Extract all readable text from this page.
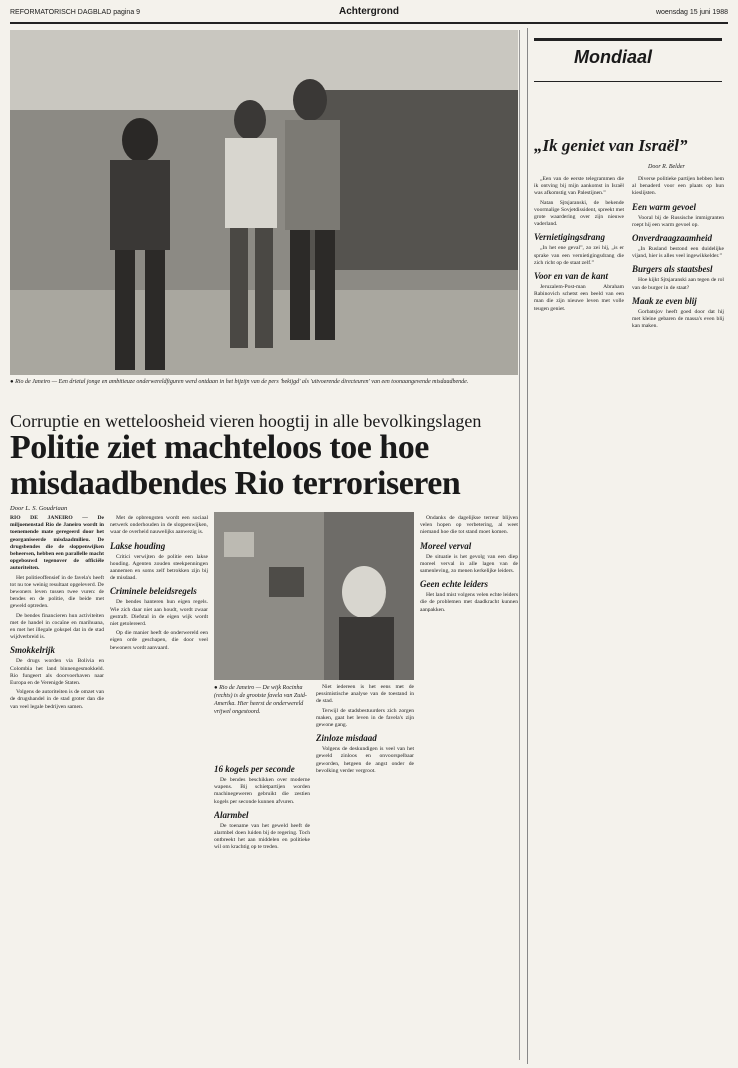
REFORMATORISCH DAGBLAD pagina 9	Achtergrond	woensdag 15 juni 1988
● Rio de Janeiro — Een drietal jonge en ambitieuze onderwereldfiguren werd ontdaan in het bijzijn van de pers 'bekijgd' als 'uitvoerende directeuren' van een toonaangevende misdaadbende.
Corruptie en wetteloosheid vieren hoogtij in alle bevolkingslagen
Politie ziet machteloos toe hoe misdaadbendes Rio terroriseren
Door L. S. Goudriaan

RIO DE JANEIRO — De miljoenenstad Rio de Janeiro wordt in toenemende mate geregeerd door het georganiseerde misdaadmilieu. De drugsbendes die de sloppenwijken beheersen, hebben een parallelle macht opgebouwd tegenover de officiële autoriteiten.

Het politieoffensief in de favela's heeft tot nu toe weinig resultaat opgeleverd. De bewoners leven tussen twee vuren: de bendes en de politie, die beide met geweld optreden.

De bendes financieren hun activiteiten met de handel in cocaïne en marihuana, en met het illegale gokspel dat in de stad wijdverbreid is.

Smokkelrijk

De drugs worden via Bolivia en Colombia het land binnengesmokkeld. Rio fungeert als doorvoerhaven naar Europa en de Verenigde Staten.

Volgens de autoriteiten is de omzet van de drugshandel in de stad groter dan die van veel legale bedrijven samen.

Met de opbrengsten wordt een sociaal netwerk onderhouden in de sloppenwijken, waar de overheid nauwelijks aanwezig is.

Lakse houding

Critici verwijten de politie een lakse houding. Agenten zouden steekpenningen aannemen en soms zelf betrokken zijn bij de misdaad.

Criminele beleidsregels

De bendes hanteren hun eigen regels. Wie zich daar niet aan houdt, wordt zwaar gestraft. Diefstal in de eigen wijk wordt niet getolereerd.

Op die manier heeft de onderwereld een eigen orde geschapen, die door veel bewoners wordt aanvaard.

● Rio de Janeiro — De wijk Rocinha (rechts) is de grootste favela van Zuid-Amerika. Hier heerst de onderwereld vrijwel ongestoord.
16 kogels per seconde

De bendes beschikken over moderne wapens. Bij schietpartijen worden machinegeweren gebruikt die zestien kogels per seconde kunnen afvuren.

Alarmbel

De toename van het geweld heeft de alarmbel doen luiden bij de regering. Toch ontbreekt het aan middelen en politieke wil om krachtig op te treden.

Niet iedereen is het eens met de pessimistische analyse van de toestand in de stad.

Terwijl de stadsbestuurders zich zorgen maken, gaat het leven in de favela's zijn gewone gang.

Zinloze misdaad

Volgens de deskundigen is veel van het geweld zinloos en onvoorspelbaar geworden, hetgeen de angst onder de bevolking verder vergroot.

Ondanks de dagelijkse terreur blijven velen hopen op verbetering, al weet niemand hoe die tot stand moet komen.

Moreel verval

De situatie is het gevolg van een diep moreel verval in alle lagen van de samenleving, zo menen kerkelijke leiders.

Geen echte leiders

Het land mist volgens velen echte leiders die de problemen met daadkracht kunnen aanpakken.

Mondiaal
„Ik geniet van Israël”
Door R. Belder

„Een van de eerste telegrammen die ik ontving bij mijn aankomst in Israël was afkomstig van Palestijnen.”

Natan Sjtsjaranski, de bekende voormalige Sovjetdissident, spreekt met grote waardering over zijn nieuwe vaderland.

Vernietigingsdrang

„In het ene geval”, zo zei hij, „is er sprake van een vernietigingsdrang die zich richt op de staat zelf.”

Voor en van de kant

Jeruzalem-Post-man Abraham Rabinovich schetst een beeld van een man die zijn nieuwe leven met volle teugen geniet.

Diverse politieke partijen hebben hem al benaderd voor een plaats op hun kieslijsten.

Een warm gevoel

Vooral bij de Russische immigranten roept hij een warm gevoel op.

Onverdraagzaamheid

„In Rusland bestond een duidelijke vijand, hier is alles veel ingewikkelder.”

Burgers als staatsbesl

Hoe kijkt Sjtsjaranski aan tegen de rol van de burger in de staat?

Maak ze even blij

Gorbatsjov heeft goed door dat hij met kleine gebaren de massa's even blij kan maken.
